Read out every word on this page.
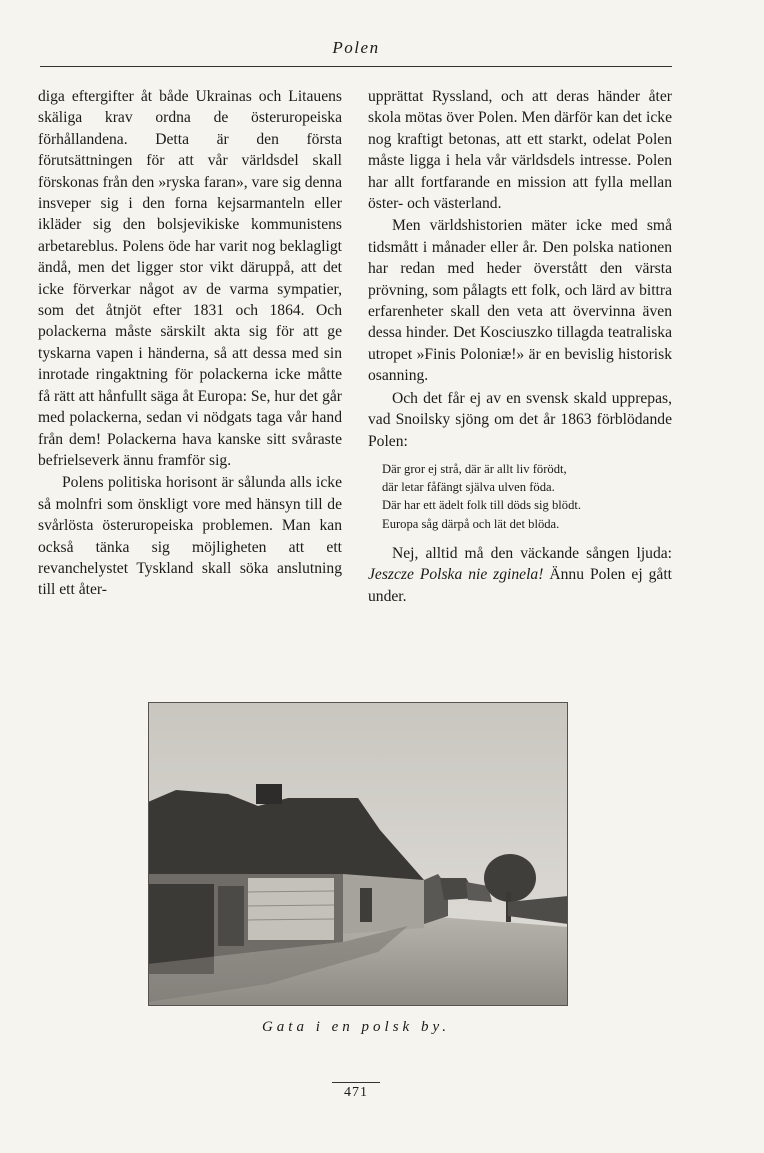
Polen

diga eftergifter åt både Ukrainas och Litauens skäliga krav ordna de österuropeiska förhållandena. Detta är den första förutsättningen för att vår världsdel skall förskonas från den »ryska faran», vare sig denna insveper sig i den forna kejsarmanteln eller ikläder sig den bolsjevikiske kommunistens arbetareblus. Polens öde har varit nog beklagligt ändå, men det ligger stor vikt däruppå, att det icke förverkar något av de varma sympatier, som det åtnjöt efter 1831 och 1864. Och polackerna måste särskilt akta sig för att ge tyskarna vapen i händerna, så att dessa med sin inrotade ringaktning för polackerna icke måtte få rätt att hånfullt säga åt Europa: Se, hur det går med polackerna, sedan vi nödgats taga vår hand från dem! Polackerna hava kanske sitt svåraste befrielseverk ännu framför sig.

Polens politiska horisont är sålunda alls icke så molnfri som önskligt vore med hänsyn till de svårlösta österuropeiska problemen. Man kan också tänka sig möjligheten att ett revanchelystet Tyskland skall söka anslutning till ett åter-

upprättat Ryssland, och att deras händer åter skola mötas över Polen. Men därför kan det icke nog kraftigt betonas, att ett starkt, odelat Polen måste ligga i hela vår världsdels intresse. Polen har allt fortfarande en mission att fylla mellan öster- och västerland.

Men världshistorien mäter icke med små tidsmått i månader eller år. Den polska nationen har redan med heder överstått den värsta prövning, som pålagts ett folk, och lärd av bittra erfarenheter skall den veta att övervinna även dessa hinder. Det Kosciuszko tillagda teatraliska utropet »Finis Poloniæ!» är en bevislig historisk osanning.

Och det får ej av en svensk skald upprepas, vad Snoilsky sjöng om det år 1863 förblödande Polen:

Där gror ej strå, där är allt liv förödt,
där letar fåfängt själva ulven föda.
Där har ett ädelt folk till döds sig blödt.
Europa såg därpå och lät det blöda.

Nej, alltid må den väckande sången ljuda: Jeszcze Polska nie zginela! Ännu Polen ej gått under.

Gata i en polsk by.
471
